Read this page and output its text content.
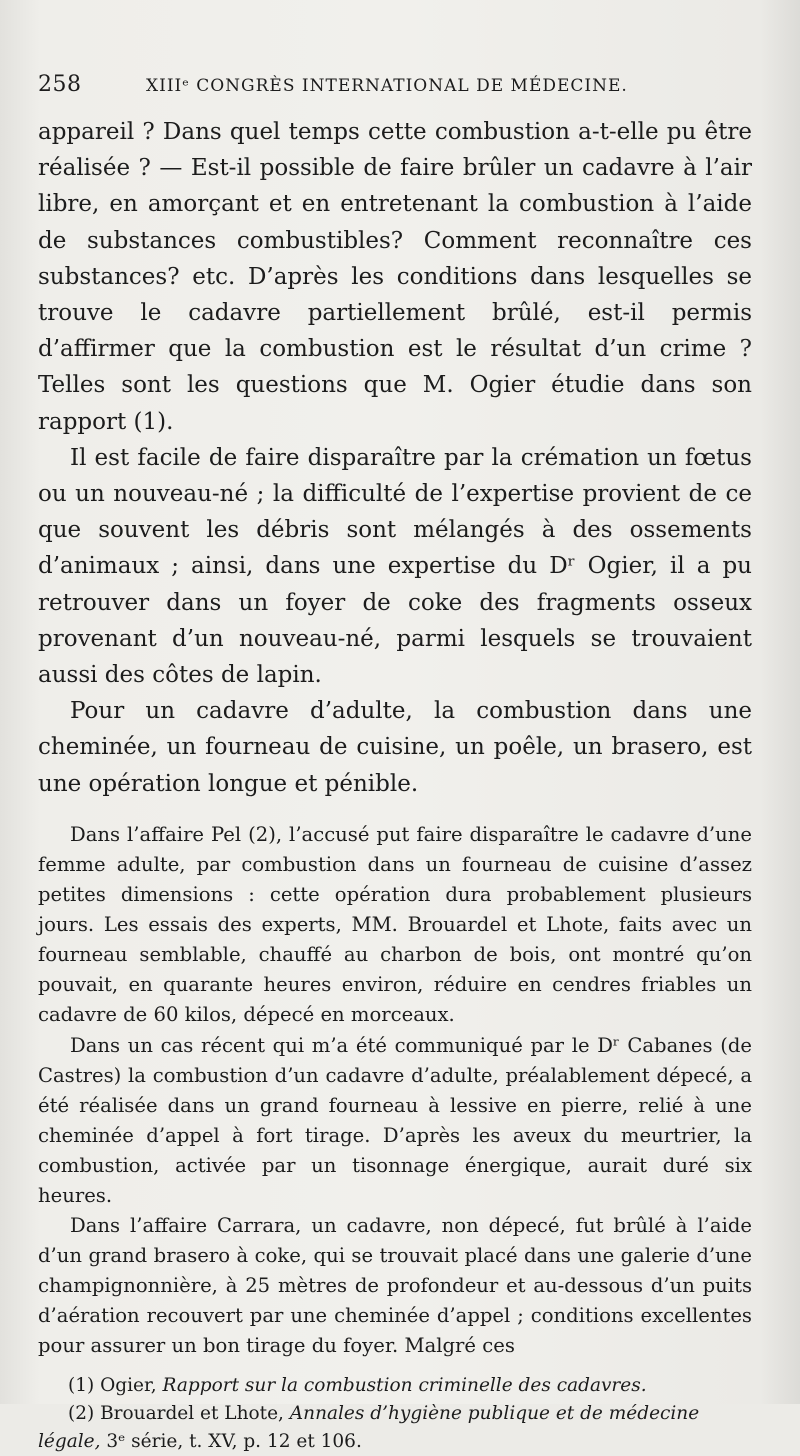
258	XIIIᵉ CONGRÈS INTERNATIONAL DE MÉDECINE.

appareil ? Dans quel temps cette combustion a-t-elle pu être réalisée ? — Est-il possible de faire brûler un cadavre à l’air libre, en amorçant et en entretenant la combustion à l’aide de substances combustibles? Comment reconnaître ces substances? etc. D’après les conditions dans lesquelles se trouve le cadavre partiellement brûlé, est-il permis d’affirmer que la combustion est le résultat d’un crime ? Telles sont les questions que M. Ogier étudie dans son rapport (1).

Il est facile de faire disparaître par la crémation un fœtus ou un nouveau-né ; la difficulté de l’expertise provient de ce que souvent les débris sont mélangés à des ossements d’animaux ; ainsi, dans une expertise du Dʳ Ogier, il a pu retrouver dans un foyer de coke des fragments osseux provenant d’un nouveau-né, parmi lesquels se trouvaient aussi des côtes de lapin.

Pour un cadavre d’adulte, la combustion dans une cheminée, un fourneau de cuisine, un poêle, un brasero, est une opération longue et pénible.

Dans l’affaire Pel (2), l’accusé put faire disparaître le cadavre d’une femme adulte, par combustion dans un fourneau de cuisine d’assez petites dimensions : cette opération dura probablement plusieurs jours. Les essais des experts, MM. Brouardel et Lhote, faits avec un fourneau semblable, chauffé au charbon de bois, ont montré qu’on pouvait, en quarante heures environ, réduire en cendres friables un cadavre de 60 kilos, dépecé en morceaux.

Dans un cas récent qui m’a été communiqué par le Dʳ Cabanes (de Castres) la combustion d’un cadavre d’adulte, préalablement dépecé, a été réalisée dans un grand fourneau à lessive en pierre, relié à une cheminée d’appel à fort tirage. D’après les aveux du meurtrier, la combustion, activée par un tisonnage énergique, aurait duré six heures.

Dans l’affaire Carrara, un cadavre, non dépecé, fut brûlé à l’aide d’un grand brasero à coke, qui se trouvait placé dans une galerie d’une champignonnière, à 25 mètres de profondeur et au-dessous d’un puits d’aération recouvert par une cheminée d’appel ; conditions excellentes pour assurer un bon tirage du foyer. Malgré ces

(1) Ogier, Rapport sur la combustion criminelle des cadavres.

(2) Brouardel et Lhote, Annales d’hygiène publique et de médecine légale, 3ᵉ série, t. XV, p. 12 et 106.
